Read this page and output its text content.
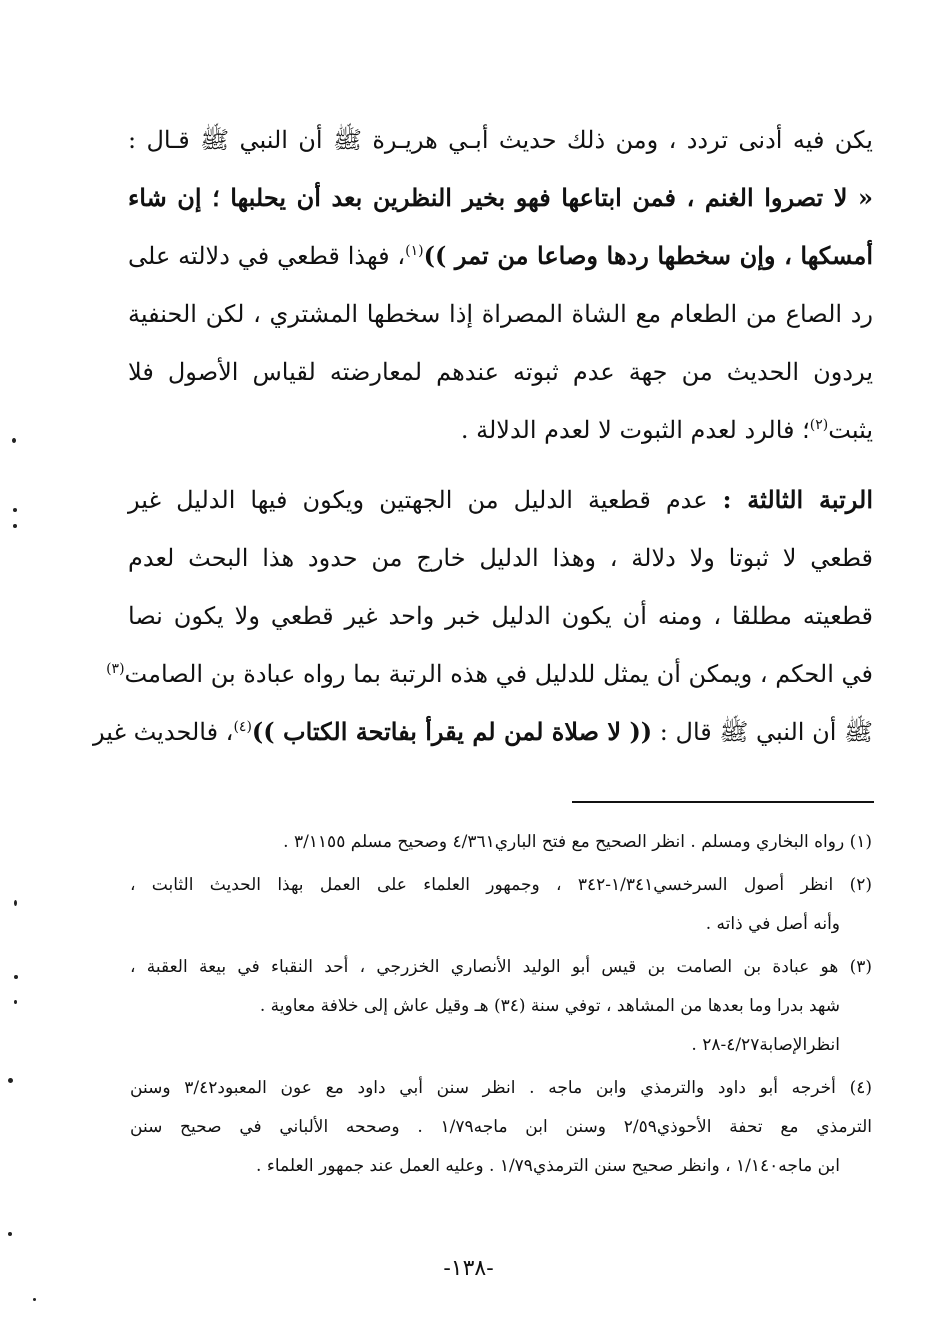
يكن فيه أدنى تردد ، ومن ذلك حديث أبـي هريـرة ﷺ أن النبي ﷺ قـال :
« لا تصروا الغنم ، فمن ابتاعها فهو بخير النظرين بعد أن يحلبها ؛ إن شاء
أمسكها ، وإن سخطها ردها وصاعا من تمر ))$^{(١)}$، فهذا قطعي في دلالته على
رد الصاع من الطعام مع الشاة المصراة إذا سخطها المشتري ، لكن الحنفية
يردون الحديث من جهة عدم ثبوته عندهم لمعارضته لقياس الأصول فلا
يثبت$^{(٢)}$؛ فالرد لعدم الثبوت لا لعدم الدلالة .
الرتبة الثالثة : عدم قطعية الدليل من الجهتين ويكون فيها الدليل غير
قطعي لا ثبوتا ولا دلالة ، وهذا الدليل خارج من حدود هذا البحث لعدم
قطعيته مطلقا ، ومنه أن يكون الدليل خبر واحد غير قطعي ولا يكون نصا
في الحكم ، ويمكن أن يمثل للدليل في هذه الرتبة بما رواه عبادة بن الصامت$^{(٣)}$
ﷺ أن النبي ﷺ قال : (( لا صلاة لمن لم يقرأ بفاتحة الكتاب ))$^{(٤)}$، فالحديث غير
(١) رواه البخاري ومسلم . انظر الصحيح مع فتح الباري٤/٣٦١ وصحيح مسلم ٣/١١٥٥ .
(٢) انظر أصول السرخسي١/٣٤١-٣٤٢ ، وجمهور العلماء على العمل بهذا الحديث الثابت ،
وأنه أصل في ذاته .
(٣) هو عبادة بن الصامت بن قيس أبو الوليد الأنصاري الخزرجي ، أحد النقباء في بيعة العقبة ،
شهد بدرا وما بعدها من المشاهد ، توفي سنة (٣٤) هـ وقيل عاش إلى خلافة معاوية .
انظرالإصابة٤/٢٧-٢٨ .
(٤) أخرجه أبو داود والترمذي وابن ماجه . انظر سنن أبي داود مع عون المعبود٣/٤٢ وسنن
الترمذي مع تحفة الأحوذي٢/٥٩ وسنن ابن ماجه١/٧٩ . وصححه الألباني في صحيح سنن
ابن ماجه١/١٤٠ ، وانظر صحيح سنن الترمذي١/٧٩ . وعليه العمل عند جمهور العلماء .
-١٣٨-
